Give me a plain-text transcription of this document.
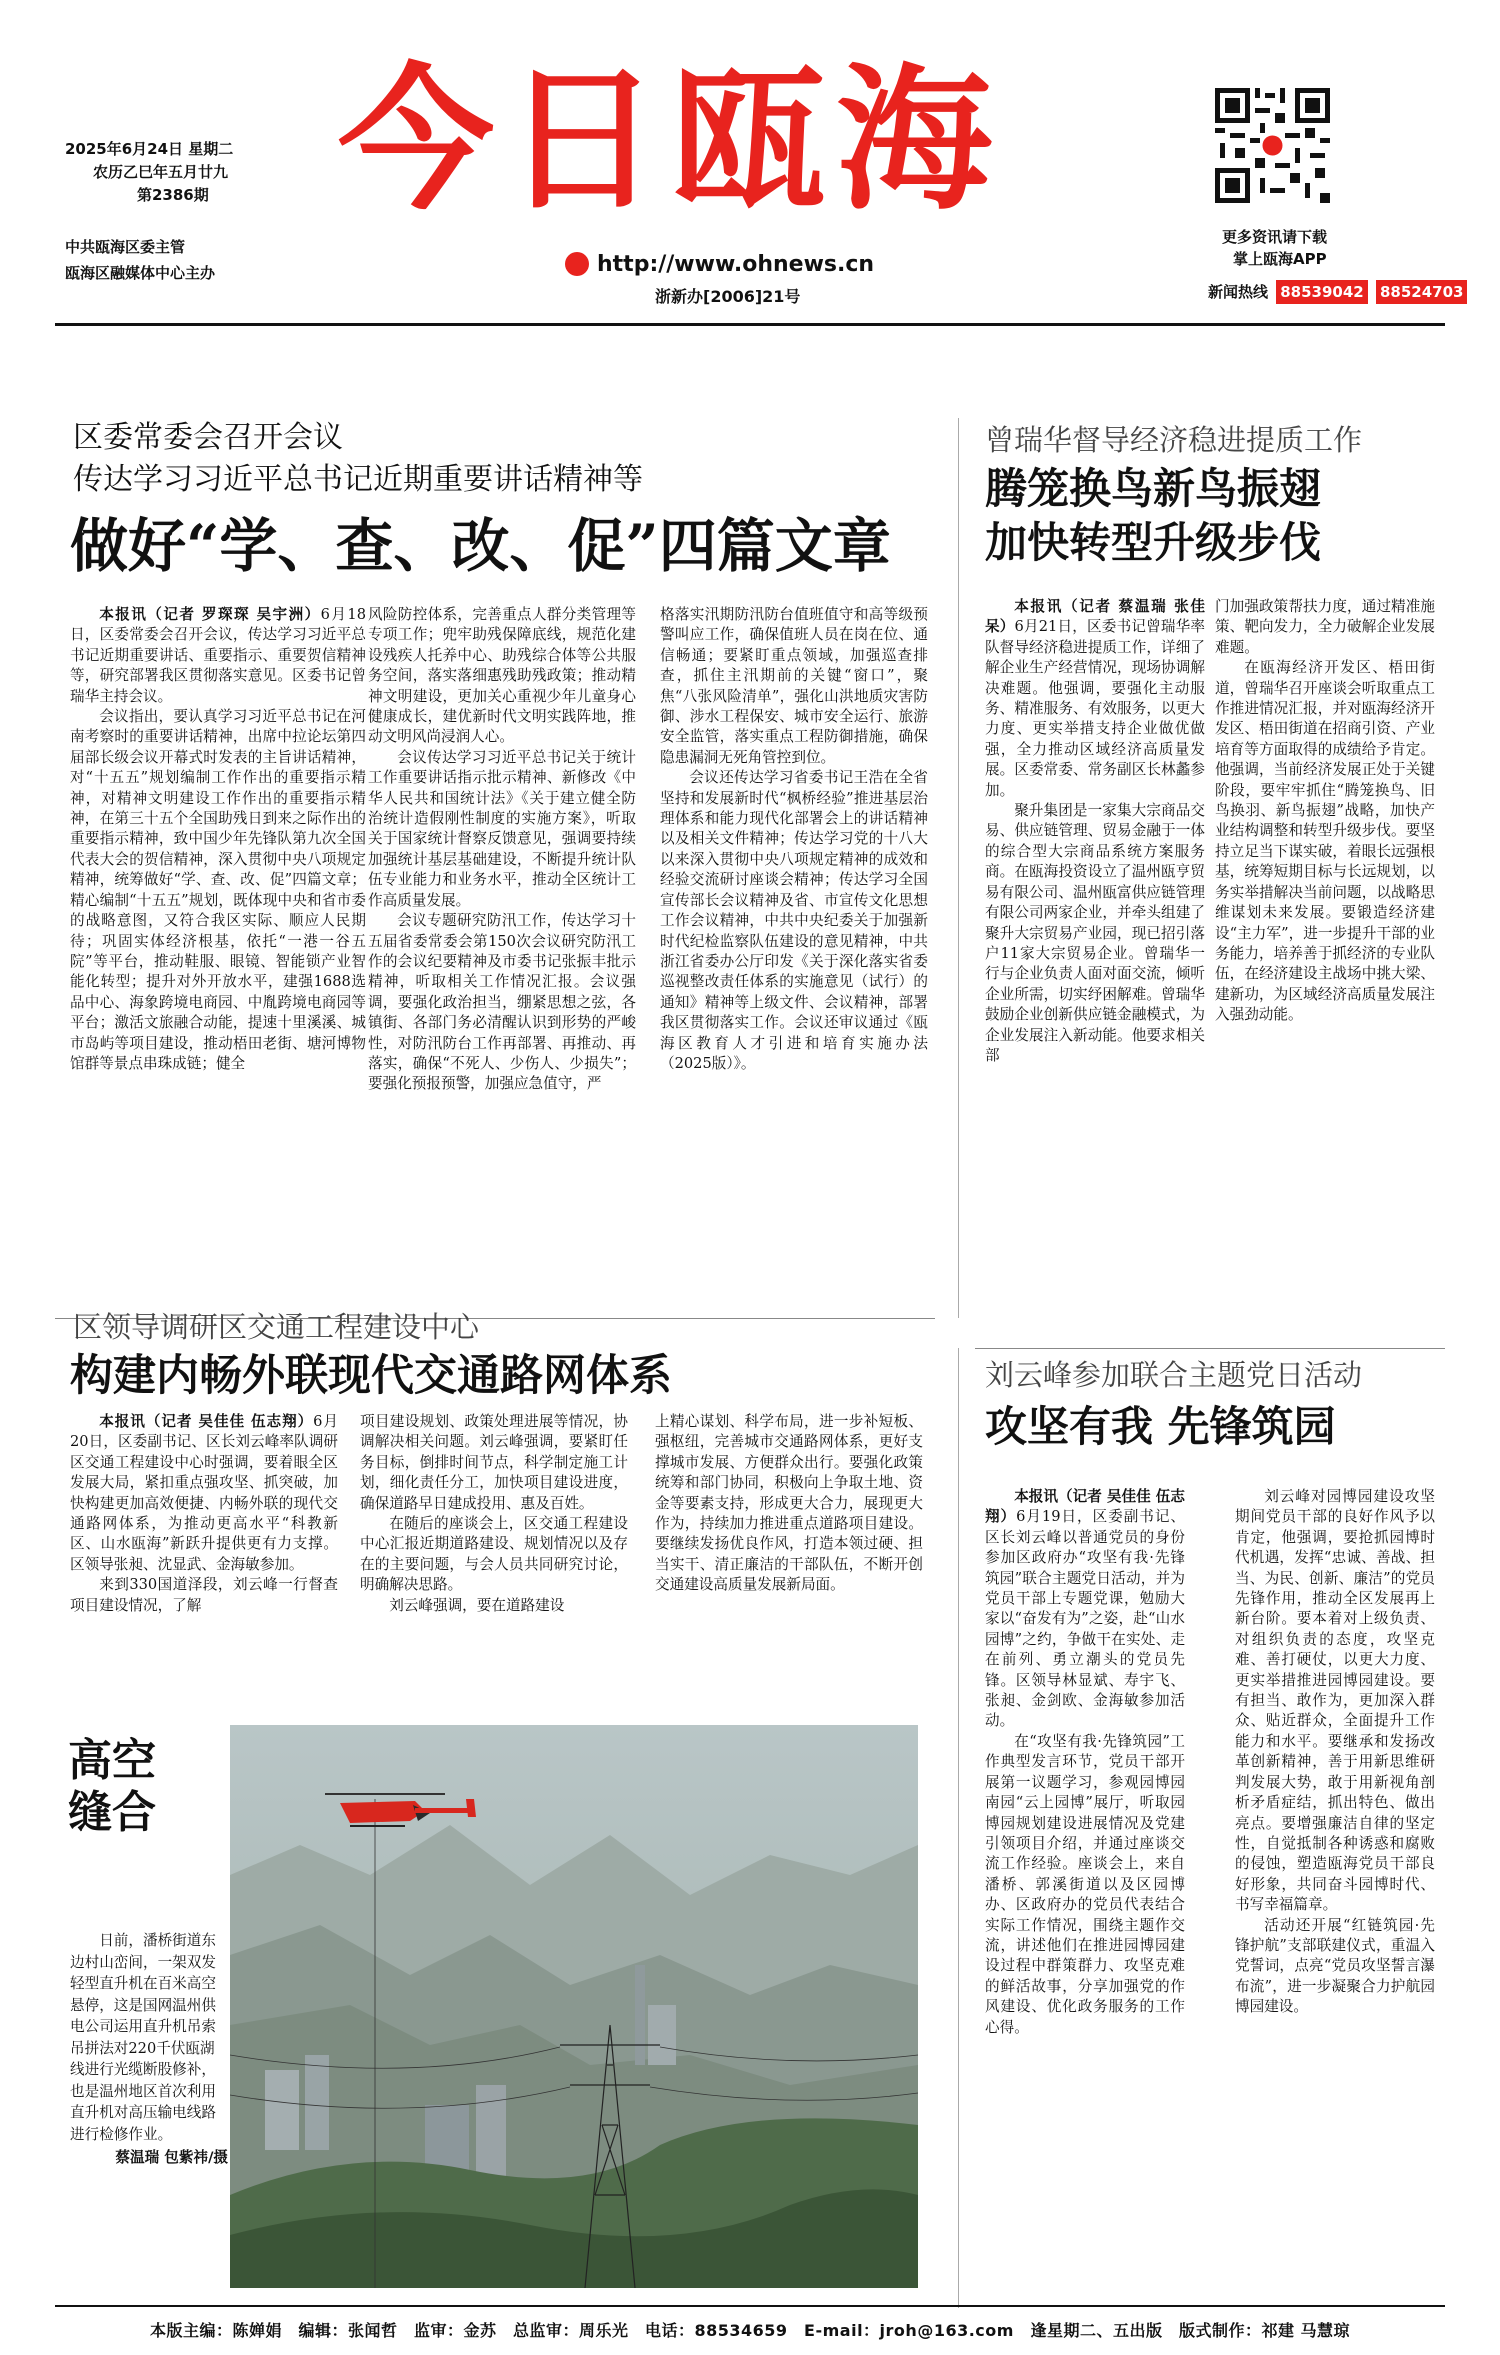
2025年6月24日 星期二
农历乙巳年五月廿九
第2386期
中共瓯海区委主管
瓯海区融媒体中心主办
今日瓯海
http://www.ohnews.cn
浙新办[2006]21号
更多资讯请下载
掌上瓯海APP
新闻热线 88539042 88524703
区委常委会召开会议
传达学习习近平总书记近期重要讲话精神等
做好“学、查、改、促”四篇文章

本报讯（记者 罗琛琛 吴宇洲）6月18日，区委常委会召开会议，传达学习习近平总书记近期重要讲话、重要指示、重要贺信精神等，研究部署我区贯彻落实意见。区委书记曾瑞华主持会议。

会议指出，要认真学习习近平总书记在河南考察时的重要讲话精神，出席中拉论坛第四届部长级会议开幕式时发表的主旨讲话精神，对“十五五”规划编制工作作出的重要指示精神，对精神文明建设工作作出的重要指示精神，在第三十五个全国助残日到来之际作出的重要指示精神，致中国少年先锋队第九次全国代表大会的贺信精神，深入贯彻中央八项规定精神，统筹做好“学、查、改、促”四篇文章；精心编制“十五五”规划，既体现中央和省市委的战略意图，又符合我区实际、顺应人民期待；巩固实体经济根基，依托“一港一谷五院”等平台，推动鞋服、眼镜、智能锁产业智能化转型；提升对外开放水平，建强1688选品中心、海象跨境电商园、中胤跨境电商园等平台；激活文旅融合动能，提速十里溪溪、城市岛屿等项目建设，推动梧田老街、塘河博物馆群等景点串珠成链；健全

风险防控体系，完善重点人群分类管理等专项工作；兜牢助残保障底线，规范化建设残疾人托养中心、助残综合体等公共服务空间，落实落细惠残助残政策；推动精神文明建设，更加关心重视少年儿童身心健康成长，建优新时代文明实践阵地，推动文明风尚浸润人心。

会议传达学习习近平总书记关于统计工作重要讲话指示批示精神、新修改《中华人民共和国统计法》《关于建立健全防治统计造假刚性制度的实施方案》，听取关于国家统计督察反馈意见，强调要持续加强统计基层基础建设，不断提升统计队伍专业能力和业务水平，推动全区统计工作高质量发展。

会议专题研究防汛工作，传达学习十五届省委常委会第150次会议研究防汛工作的会议纪要精神及市委书记张振丰批示精神，听取相关工作情况汇报。会议强调，要强化政治担当，绷紧思想之弦，各镇街、各部门务必清醒认识到形势的严峻性，对防汛防台工作再部署、再推动、再落实，确保“不死人、少伤人、少损失”；要强化预报预警，加强应急值守，严

格落实汛期防汛防台值班值守和高等级预警叫应工作，确保值班人员在岗在位、通信畅通；要紧盯重点领域，加强巡查排查，抓住主汛期前的关键“窗口”，聚焦“八张风险清单”，强化山洪地质灾害防御、涉水工程保安、城市安全运行、旅游安全监管，落实重点工程防御措施，确保隐患漏洞无死角管控到位。

会议还传达学习省委书记王浩在全省坚持和发展新时代“枫桥经验”推进基层治理体系和能力现代化部署会上的讲话精神以及相关文件精神；传达学习党的十八大以来深入贯彻中央八项规定精神的成效和经验交流研讨座谈会精神；传达学习全国宣传部长会议精神及省、市宣传文化思想工作会议精神，中共中央纪委关于加强新时代纪检监察队伍建设的意见精神，中共浙江省委办公厅印发《关于深化落实省委巡视整改责任体系的实施意见（试行）的通知》精神等上级文件、会议精神，部署我区贯彻落实工作。会议还审议通过《瓯海区教育人才引进和培育实施办法（2025版）》。

曾瑞华督导经济稳进提质工作
腾笼换鸟新鸟振翅
加快转型升级步伐

本报讯（记者 蔡温瑞 张佳呆）6月21日，区委书记曾瑞华率队督导经济稳进提质工作，详细了解企业生产经营情况，现场协调解决难题。他强调，要强化主动服务、精准服务、有效服务，以更大力度、更实举措支持企业做优做强，全力推动区域经济高质量发展。区委常委、常务副区长林蠡参加。

聚升集团是一家集大宗商品交易、供应链管理、贸易金融于一体的综合型大宗商品系统方案服务商。在瓯海投资设立了温州瓯亨贸易有限公司、温州瓯富供应链管理有限公司两家企业，并牵头组建了聚升大宗贸易产业园，现已招引落户11家大宗贸易企业。曾瑞华一行与企业负责人面对面交流，倾听企业所需，切实纾困解难。曾瑞华鼓励企业创新供应链金融模式，为企业发展注入新动能。他要求相关部

门加强政策帮扶力度，通过精准施策、靶向发力，全力破解企业发展难题。

在瓯海经济开发区、梧田街道，曾瑞华召开座谈会听取重点工作推进情况汇报，并对瓯海经济开发区、梧田街道在招商引资、产业培育等方面取得的成绩给予肯定。他强调，当前经济发展正处于关键阶段，要牢牢抓住“腾笼换鸟、旧鸟换羽、新鸟振翅”战略，加快产业结构调整和转型升级步伐。要坚持立足当下谋实破，着眼长远强根基，统筹短期目标与长远规划，以务实举措解决当前问题，以战略思维谋划未来发展。要锻造经济建设“主力军”，进一步提升干部的业务能力，培养善于抓经济的专业队伍，在经济建设主战场中挑大梁、建新功，为区域经济高质量发展注入强劲动能。

区领导调研区交通工程建设中心
构建内畅外联现代交通路网体系

本报讯（记者 吴佳佳 伍志翔）6月20日，区委副书记、区长刘云峰率队调研区交通工程建设中心时强调，要着眼全区发展大局，紧扣重点强攻坚、抓突破，加快构建更加高效便捷、内畅外联的现代交通路网体系，为推动更高水平“科教新区、山水瓯海”新跃升提供更有力支撑。区领导张昶、沈显武、金海敏参加。

来到330国道泽段，刘云峰一行督查项目建设情况，了解

项目建设规划、政策处理进展等情况，协调解决相关问题。刘云峰强调，要紧盯任务目标，倒排时间节点，科学制定施工计划，细化责任分工，加快项目建设进度，确保道路早日建成投用、惠及百姓。

在随后的座谈会上，区交通工程建设中心汇报近期道路建设、规划情况以及存在的主要问题，与会人员共同研究讨论，明确解决思路。

刘云峰强调，要在道路建设

上精心谋划、科学布局，进一步补短板、强枢纽，完善城市交通路网体系，更好支撑城市发展、方便群众出行。要强化政策统筹和部门协同，积极向上争取土地、资金等要素支持，形成更大合力，展现更大作为，持续加力推进重点道路项目建设。要继续发扬优良作风，打造本领过硬、担当实干、清正廉洁的干部队伍，不断开创交通建设高质量发展新局面。

高空
缝合
日前，潘桥街道东边村山峦间，一架双发轻型直升机在百米高空悬停，这是国网温州供电公司运用直升机吊索吊拼法对220千伏瓯湖线进行光缆断股修补，也是温州地区首次利用直升机对高压输电线路进行检修作业。
蔡温瑞 包紫祎/摄
刘云峰参加联合主题党日活动
攻坚有我 先锋筑园

本报讯（记者 吴佳佳 伍志翔）6月19日，区委副书记、区长刘云峰以普通党员的身份参加区政府办“攻坚有我·先锋筑园”联合主题党日活动，并为党员干部上专题党课，勉励大家以“奋发有为”之姿，赴“山水园博”之约，争做干在实处、走在前列、勇立潮头的党员先锋。区领导林显斌、寿宇飞、张昶、金剑欧、金海敏参加活动。

在“攻坚有我·先锋筑园”工作典型发言环节，党员干部开展第一议题学习，参观园博园南园“云上园博”展厅，听取园博园规划建设进展情况及党建引领项目介绍，并通过座谈交流工作经验。座谈会上，来自潘桥、郭溪街道以及区园博办、区政府办的党员代表结合实际工作情况，围绕主题作交流，讲述他们在推进园博园建设过程中群策群力、攻坚克难的鲜活故事，分享加强党的作风建设、优化政务服务的工作心得。

刘云峰对园博园建设攻坚期间党员干部的良好作风予以肯定，他强调，要抢抓园博时代机遇，发挥“忠诚、善战、担当、为民、创新、廉洁”的党员先锋作用，推动全区发展再上新台阶。要本着对上级负责、对组织负责的态度，攻坚克难、善打硬仗，以更大力度、更实举措推进园博园建设。要有担当、敢作为，更加深入群众、贴近群众，全面提升工作能力和水平。要继承和发扬改革创新精神，善于用新思维研判发展大势，敢于用新视角剖析矛盾症结，抓出特色、做出亮点。要增强廉洁自律的坚定性，自觉抵制各种诱惑和腐败的侵蚀，塑造瓯海党员干部良好形象，共同奋斗园博时代、书写幸福篇章。

活动还开展“红链筑园·先锋护航”支部联建仪式，重温入党誓词，点亮“党员攻坚誓言瀑布流”，进一步凝聚合力护航园博园建设。

本版主编：陈婵娟　编辑：张闻哲　监审：金苏　总监审：周乐光　电话：88534659　E-mail：jroh@163.com　逢星期二、五出版　版式制作：祁建 马慧琼
